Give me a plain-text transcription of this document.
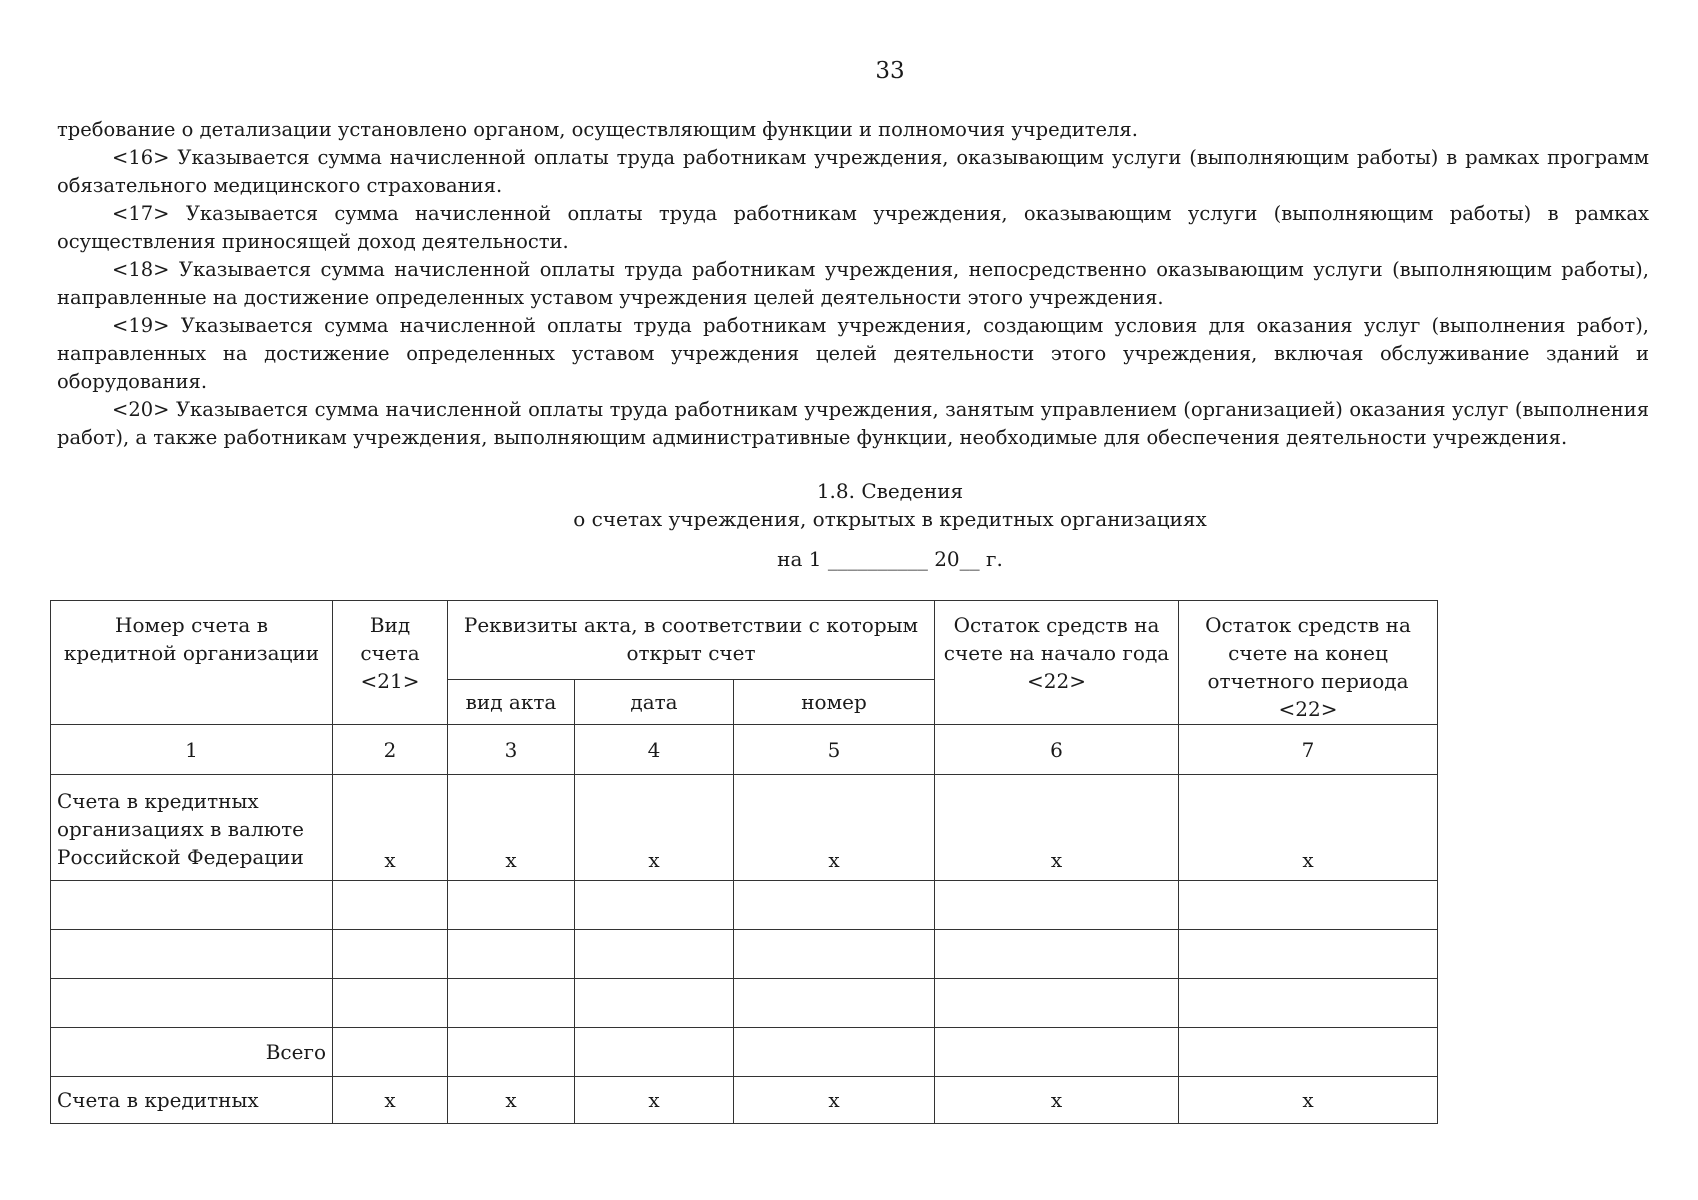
33

требование о детализации установлено органом, осуществляющим функции и полномочия учредителя.

<16> Указывается сумма начисленной оплаты труда работникам учреждения, оказывающим услуги (выполняющим работы) в рамках программ обязательного медицинского страхования.

<17> Указывается сумма начисленной оплаты труда работникам учреждения, оказывающим услуги (выполняющим работы) в рамках осуществления приносящей доход деятельности.

<18> Указывается сумма начисленной оплаты труда работникам учреждения, непосредственно оказывающим услуги (выполняющим работы), направленные на достижение определенных уставом учреждения целей деятельности этого учреждения.

<19> Указывается сумма начисленной оплаты труда работникам учреждения, создающим условия для оказания услуг (выполнения работ), направленных на достижение определенных уставом учреждения целей деятельности этого учреждения, включая обслуживание зданий и оборудования.

<20> Указывается сумма начисленной оплаты труда работникам учреждения, занятым управлением (организацией) оказания услуг (выполнения работ), а также работникам учреждения, выполняющим административные функции, необходимые для обеспечения деятельности учреждения.

1.8. Сведения
о счетах учреждения, открытых в кредитных организациях
на 1 __________ 20__ г.
Номер счета в кредитной организации	Вид счета <21>	Реквизиты акта, в соответствии с которым открыт счет			Остаток средств на счете на начало года <22>	Остаток средств на счете на конец отчетного периода <22>
		вид акта	дата	номер		
1	2	3	4	5	6	7
Счета в кредитных организациях в валюте Российской Федерации	x	x	x	x	x	x

Всего						
Счета в кредитных	x	x	x	x	x	x
